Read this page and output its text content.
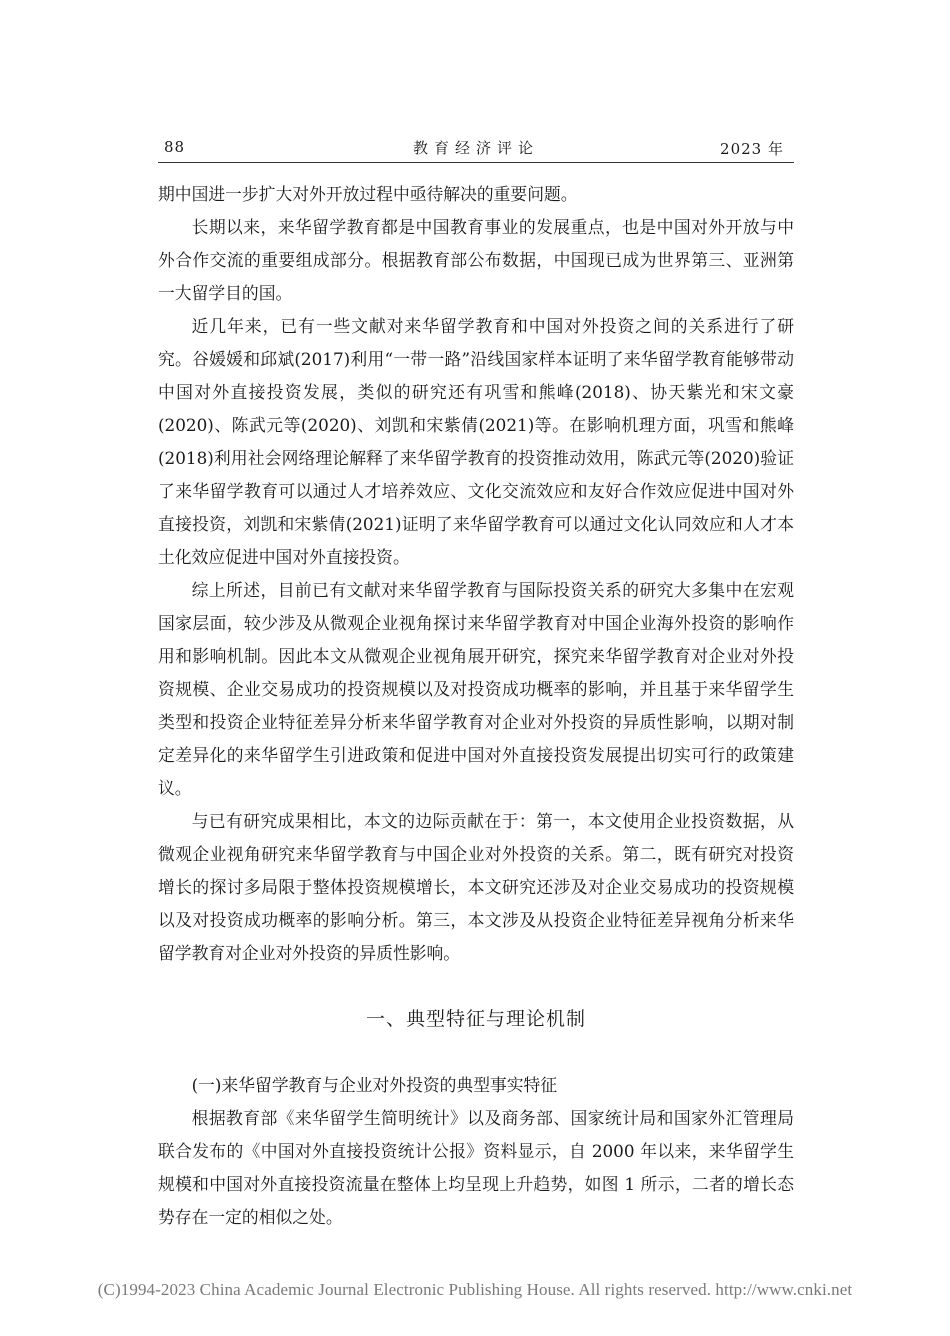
88	教育经济评论	2023 年

期中国进一步扩大对外开放过程中亟待解决的重要问题。

长期以来，来华留学教育都是中国教育事业的发展重点，也是中国对外开放与中外合作交流的重要组成部分。根据教育部公布数据，中国现已成为世界第三、亚洲第一大留学目的国。

近几年来，已有一些文献对来华留学教育和中国对外投资之间的关系进行了研究。谷媛媛和邱斌(2017)利用“一带一路”沿线国家样本证明了来华留学教育能够带动中国对外直接投资发展，类似的研究还有巩雪和熊峰(2018)、协天紫光和宋文豪(2020)、陈武元等(2020)、刘凯和宋紫倩(2021)等。在影响机理方面，巩雪和熊峰(2018)利用社会网络理论解释了来华留学教育的投资推动效用，陈武元等(2020)验证了来华留学教育可以通过人才培养效应、文化交流效应和友好合作效应促进中国对外直接投资，刘凯和宋紫倩(2021)证明了来华留学教育可以通过文化认同效应和人才本土化效应促进中国对外直接投资。

综上所述，目前已有文献对来华留学教育与国际投资关系的研究大多集中在宏观国家层面，较少涉及从微观企业视角探讨来华留学教育对中国企业海外投资的影响作用和影响机制。因此本文从微观企业视角展开研究，探究来华留学教育对企业对外投资规模、企业交易成功的投资规模以及对投资成功概率的影响，并且基于来华留学生类型和投资企业特征差异分析来华留学教育对企业对外投资的异质性影响，以期对制定差异化的来华留学生引进政策和促进中国对外直接投资发展提出切实可行的政策建议。

与已有研究成果相比，本文的边际贡献在于：第一，本文使用企业投资数据，从微观企业视角研究来华留学教育与中国企业对外投资的关系。第二，既有研究对投资增长的探讨多局限于整体投资规模增长，本文研究还涉及对企业交易成功的投资规模以及对投资成功概率的影响分析。第三，本文涉及从投资企业特征差异视角分析来华留学教育对企业对外投资的异质性影响。

一、典型特征与理论机制

(一)来华留学教育与企业对外投资的典型事实特征

根据教育部《来华留学生简明统计》以及商务部、国家统计局和国家外汇管理局联合发布的《中国对外直接投资统计公报》资料显示，自 2000 年以来，来华留学生规模和中国对外直接投资流量在整体上均呈现上升趋势，如图 1 所示，二者的增长态势存在一定的相似之处。

(C)1994-2023 China Academic Journal Electronic Publishing House. All rights reserved. http://www.cnki.net
